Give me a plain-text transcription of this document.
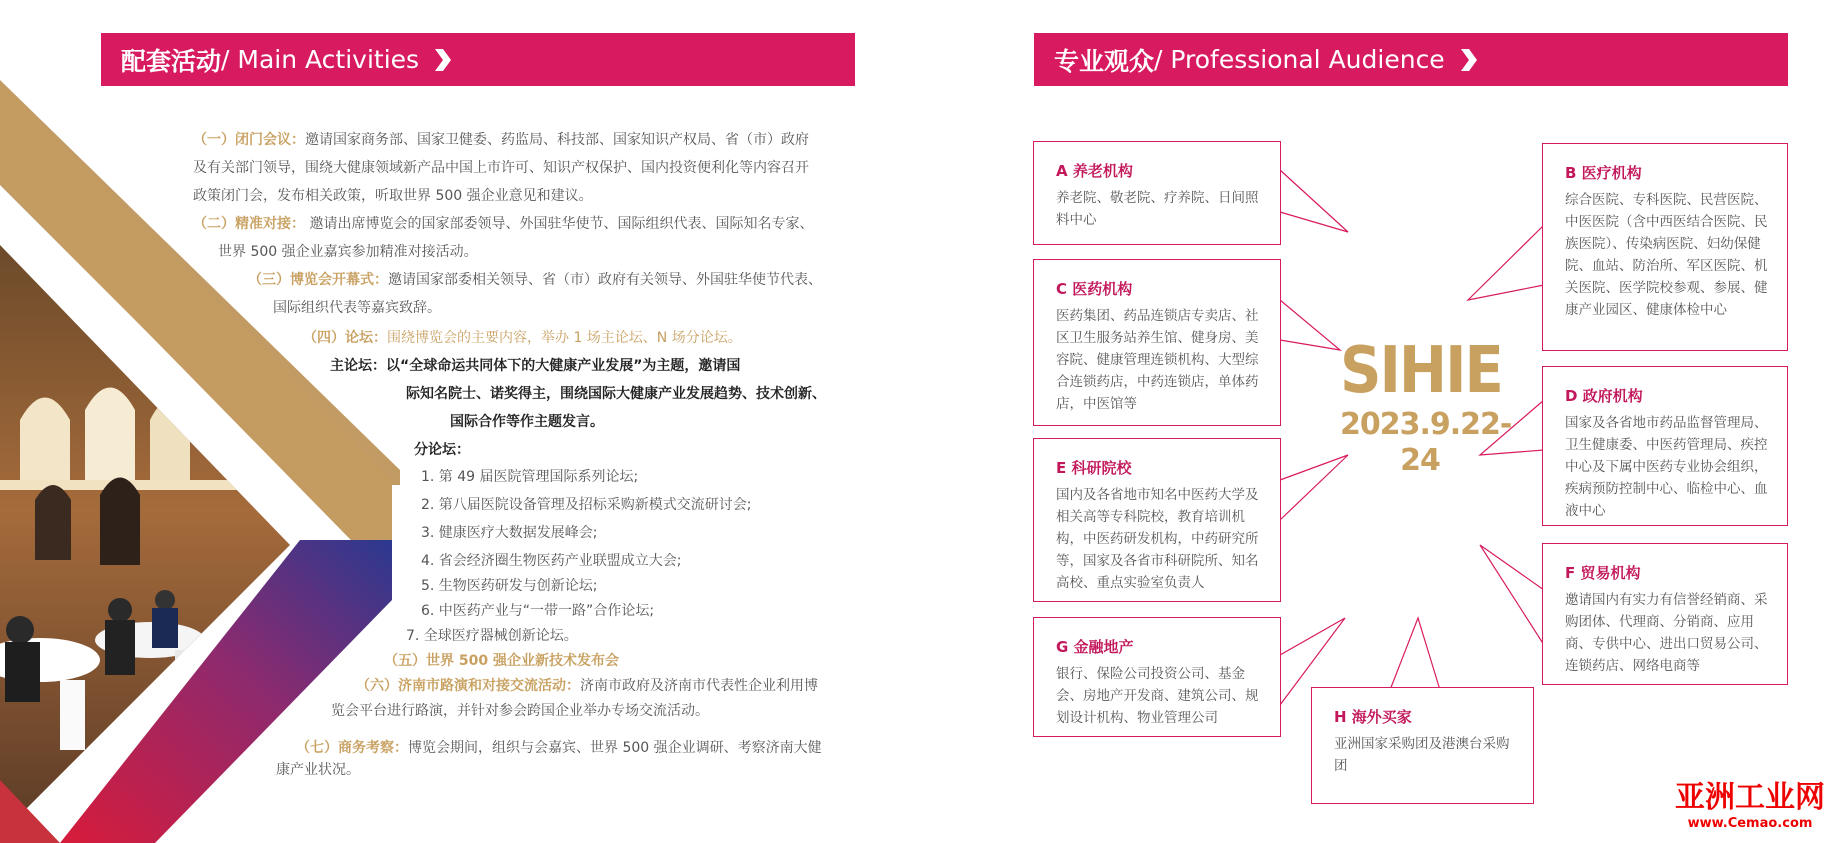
配套活动 / Main Activities
（一）闭门会议：邀请国家商务部、国家卫健委、药监局、科技部、国家知识产权局、省（市）政府
及有关部门领导，围绕大健康领域新产品中国上市许可、知识产权保护、国内投资便利化等内容召开
政策闭门会，发布相关政策，听取世界 500 强企业意见和建议。
（二）精准对接： 邀请出席博览会的国家部委领导、外国驻华使节、国际组织代表、国际知名专家、
世界 500 强企业嘉宾参加精准对接活动。
（三）博览会开幕式：邀请国家部委相关领导、省（市）政府有关领导、外国驻华使节代表、
国际组织代表等嘉宾致辞。
（四）论坛：围绕博览会的主要内容，举办 1 场主论坛、N 场分论坛。
主论坛：以“全球命运共同体下的大健康产业发展”为主题，邀请国
际知名院士、诺奖得主，围绕国际大健康产业发展趋势、技术创新、
国际合作等作主题发言。
分论坛：
1. 第 49 届医院管理国际系列论坛;
2. 第八届医院设备管理及招标采购新模式交流研讨会;
3. 健康医疗大数据发展峰会;
4. 省会经济圈生物医药产业联盟成立大会;
5. 生物医药研发与创新论坛;
6. 中医药产业与“一带一路”合作论坛;
7. 全球医疗器械创新论坛。
（五）世界 500 强企业新技术发布会
（六）济南市路演和对接交流活动：济南市政府及济南市代表性企业利用博
览会平台进行路演，并针对参会跨国企业举办专场交流活动。
（七）商务考察：博览会期间，组织与会嘉宾、世界 500 强企业调研、考察济南大健
康产业状况。
专业观众 / Professional Audience
A 养老机构
养老院、敬老院、疗养院、日间照料中心
C 医药机构
医药集团、药品连锁店专卖店、社区卫生服务站养生馆、健身房、美容院、健康管理连锁机构、大型综合连锁药店，中药连锁店，单体药店，中医馆等
E 科研院校
国内及各省地市知名中医药大学及相关高等专科院校，教育培训机构，中医药研发机构，中药研究所等，国家及各省市科研院所、知名高校、重点实验室负责人
G 金融地产
银行、保险公司投资公司、基金会、房地产开发商、建筑公司、规划设计机构、物业管理公司	H 海外买家
亚洲国家采购团及港澳台采购团
B 医疗机构
综合医院、专科医院、民营医院、中医医院（含中西医结合医院、民族医院）、传染病医院、妇幼保健院、血站、防治所、军区医院、机关医院、医学院校参观、参展、健康产业园区、健康体检中心
D 政府机构
国家及各省地市药品监督管理局、卫生健康委、中医药管理局、疾控中心及下属中医药专业协会组织，疾病预防控制中心、临检中心、血液中心
F 贸易机构
邀请国内有实力有信誉经销商、采购团体、代理商、分销商、应用商、专供中心、进出口贸易公司、连锁药店、网络电商等
SIHIE
2023.9.22-24
亚洲工业网
www.Cemao.com
